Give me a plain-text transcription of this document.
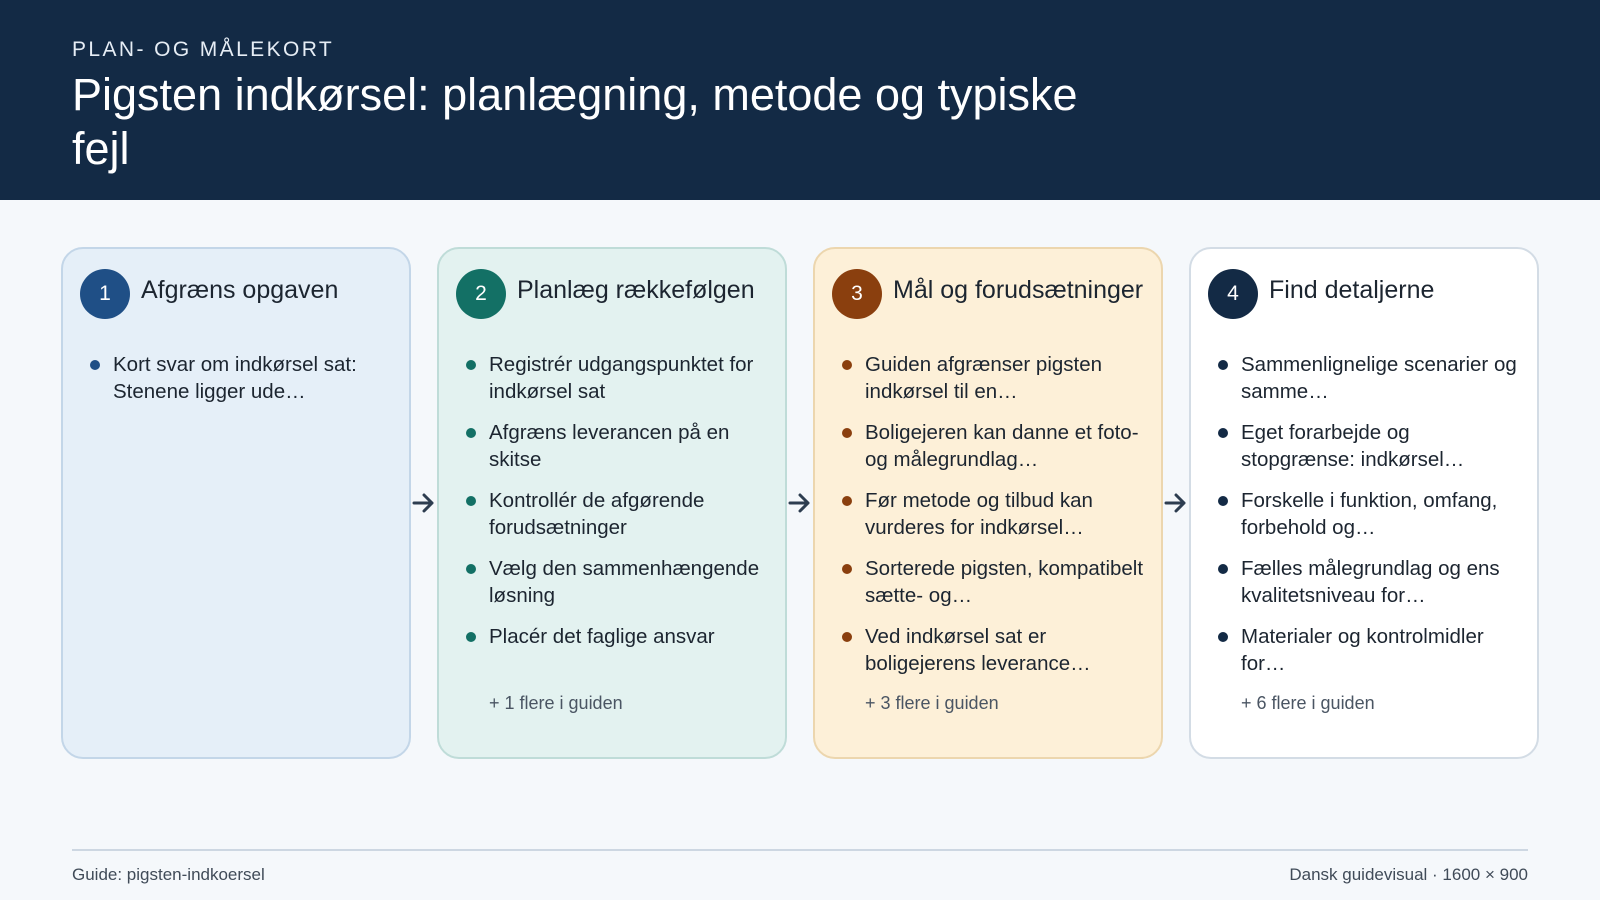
PLAN- OG MÅLEKORT
Pigsten indkørsel: planlægning, metode og typiske fejl
1	Afgræns opgaven
Kort svar om indkørsel sat: Stenene ligger ude…
2	Planlæg rækkefølgen
Registrér udgangspunktet for indkørsel sat
Afgræns leverancen på en skitse
Kontrollér de afgørende forudsætninger
Vælg den sammenhængende løsning
Placér det faglige ansvar
+ 1 flere i guiden
3	Mål og forudsætninger
Guiden afgrænser pigsten indkørsel til en…
Boligejeren kan danne et foto- og målegrundlag…
Før metode og tilbud kan vurderes for indkørsel…
Sorterede pigsten, kompatibelt sætte- og…
Ved indkørsel sat er boligejerens leverance…
+ 3 flere i guiden
4	Find detaljerne
Sammenlignelige scenarier og samme…
Eget forarbejde og stopgrænse: indkørsel…
Forskelle i funktion, omfang, forbehold og…
Fælles målegrundlag og ens kvalitetsniveau for…
Materialer og kontrolmidler for…
+ 6 flere i guiden
Guide: pigsten-indkoersel	Dansk guidevisual · 1600 × 900
